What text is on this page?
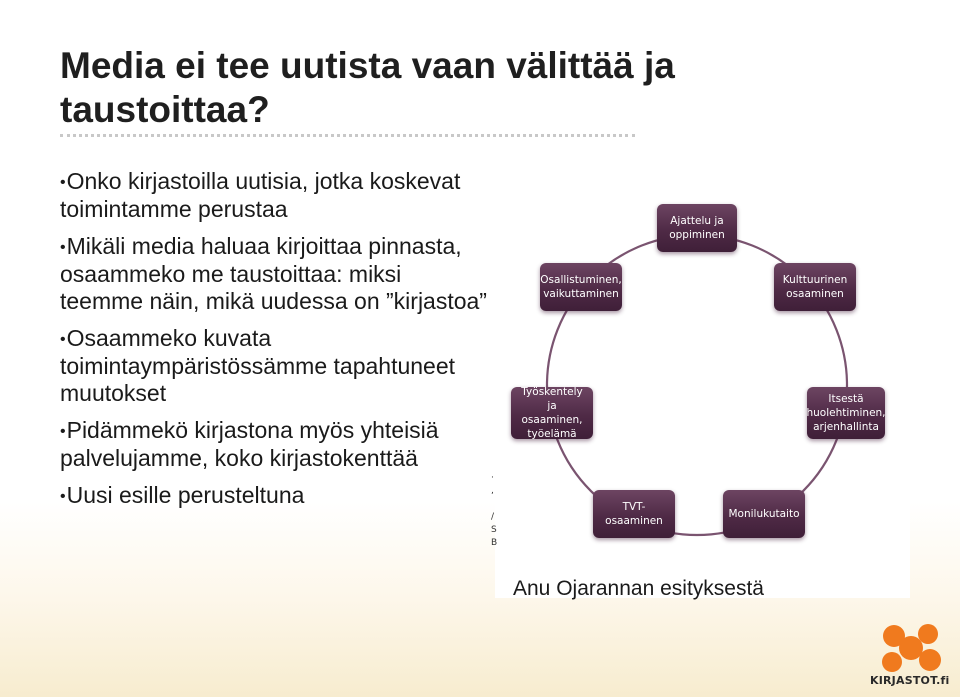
Media ei tee uutista vaan välittää ja taustoittaa?

•Onko kirjastoilla uutisia, jotka koskevat toimintamme perustaa

•Mikäli media haluaa kirjoittaa pinnasta, osaammeko me taustoittaa: miksi teemme näin, mikä uudessa on ”kirjastoa”

•Osaammeko kuvata toimintaympäristössämme tapahtuneet muutokset

•Pidämmekö kirjastona myös yhteisiä palvelujamme, koko kirjastokenttää

•Uusi esille perusteltuna

Ajattelu ja
oppiminen
Osallistuminen,
vaikuttaminen
Kulttuurinen
osaaminen
Työskentely ja
osaaminen,
työelämä
Itsestä
huolehtiminen,
arjenhallinta
TVT-osaaminen
Monilukutaito
·
,

/
S
B
Anu Ojarannan esityksestä
KIRJASTOT.fi
